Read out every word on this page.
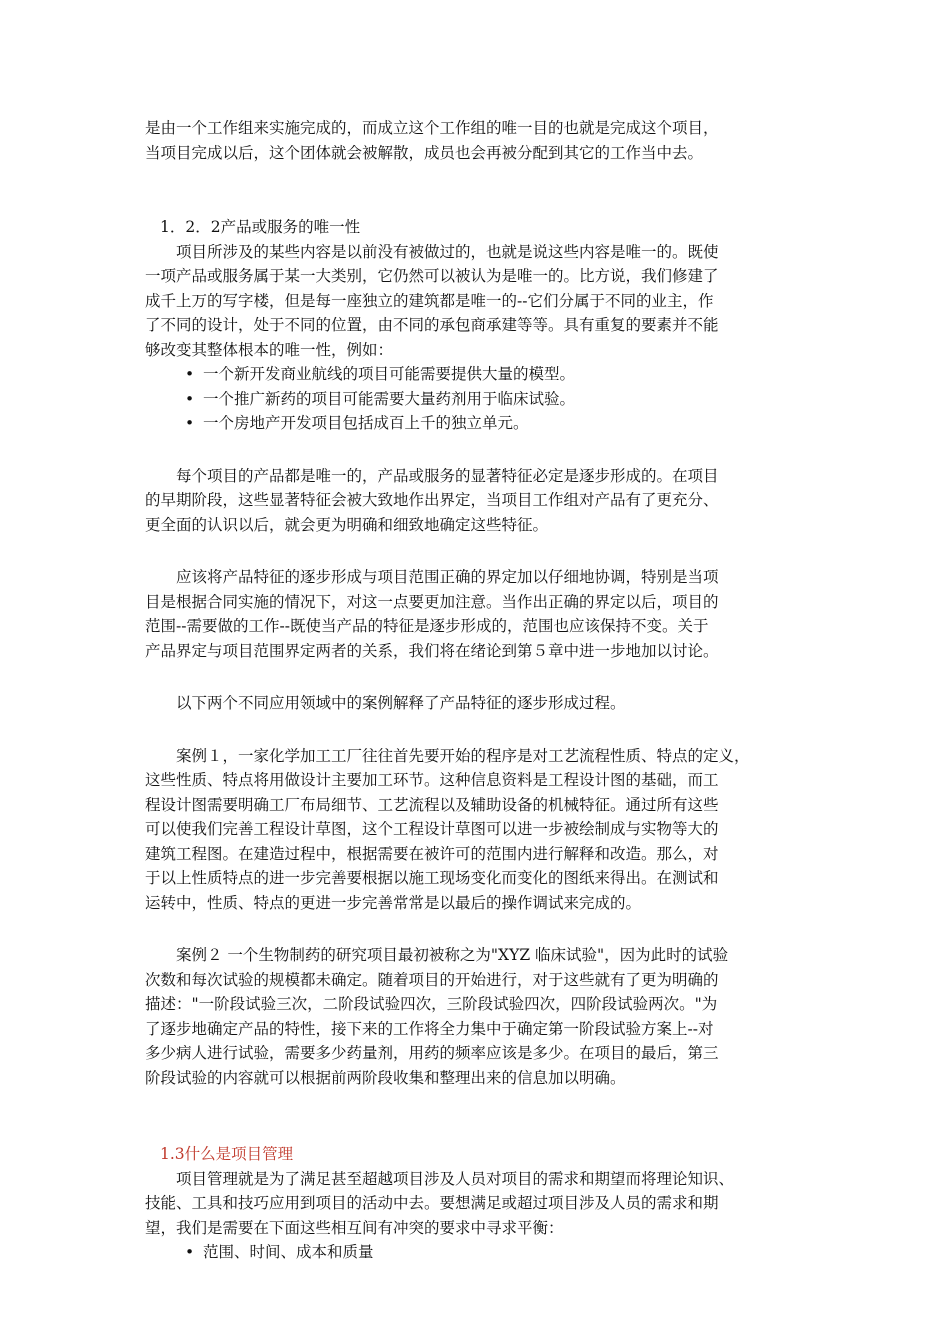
是由一个工作组来实施完成的，而成立这个工作组的唯一目的也就是完成这个项目，

当项目完成以后，这个团体就会被解散，成员也会再被分配到其它的工作当中去。

1．2．2产品或服务的唯一性

项目所涉及的某些内容是以前没有被做过的，也就是说这些内容是唯一的。既使

一项产品或服务属于某一大类别，它仍然可以被认为是唯一的。比方说，我们修建了

成千上万的写字楼，但是每一座独立的建筑都是唯一的--它们分属于不同的业主，作

了不同的设计，处于不同的位置，由不同的承包商承建等等。具有重复的要素并不能

够改变其整体根本的唯一性，例如：

• 一个新开发商业航线的项目可能需要提供大量的模型。
• 一个推广新药的项目可能需要大量药剂用于临床试验。
• 一个房地产开发项目包括成百上千的独立单元。

每个项目的产品都是唯一的，产品或服务的显著特征必定是逐步形成的。在项目

的早期阶段，这些显著特征会被大致地作出界定，当项目工作组对产品有了更充分、

更全面的认识以后，就会更为明确和细致地确定这些特征。

应该将产品特征的逐步形成与项目范围正确的界定加以仔细地协调，特别是当项

目是根据合同实施的情况下，对这一点要更加注意。当作出正确的界定以后，项目的

范围--需要做的工作--既使当产品的特征是逐步形成的，范围也应该保持不变。关于

产品界定与项目范围界定两者的关系，我们将在绪论到第５章中进一步地加以讨论。

以下两个不同应用领域中的案例解释了产品特征的逐步形成过程。

案例１，一家化学加工工厂往往首先要开始的程序是对工艺流程性质、特点的定义，

这些性质、特点将用做设计主要加工环节。这种信息资料是工程设计图的基础，而工

程设计图需要明确工厂布局细节、工艺流程以及辅助设备的机械特征。通过所有这些

可以使我们完善工程设计草图，这个工程设计草图可以进一步被绘制成与实物等大的

建筑工程图。在建造过程中，根据需要在被许可的范围内进行解释和改造。那么，对

于以上性质特点的进一步完善要根据以施工现场变化而变化的图纸来得出。在测试和

运转中，性质、特点的更进一步完善常常是以最后的操作调试来完成的。

案例２ 一个生物制药的研究项目最初被称之为"XYZ 临床试验"，因为此时的试验

次数和每次试验的规模都未确定。随着项目的开始进行，对于这些就有了更为明确的

描述："一阶段试验三次，二阶段试验四次，三阶段试验四次，四阶段试验两次。"为

了逐步地确定产品的特性，接下来的工作将全力集中于确定第一阶段试验方案上--对

多少病人进行试验，需要多少药量剂，用药的频率应该是多少。在项目的最后，第三

阶段试验的内容就可以根据前两阶段收集和整理出来的信息加以明确。

1.3什么是项目管理

项目管理就是为了满足甚至超越项目涉及人员对项目的需求和期望而将理论知识、

技能、工具和技巧应用到项目的活动中去。要想满足或超过项目涉及人员的需求和期

望，我们是需要在下面这些相互间有冲突的要求中寻求平衡：

• 范围、时间、成本和质量
